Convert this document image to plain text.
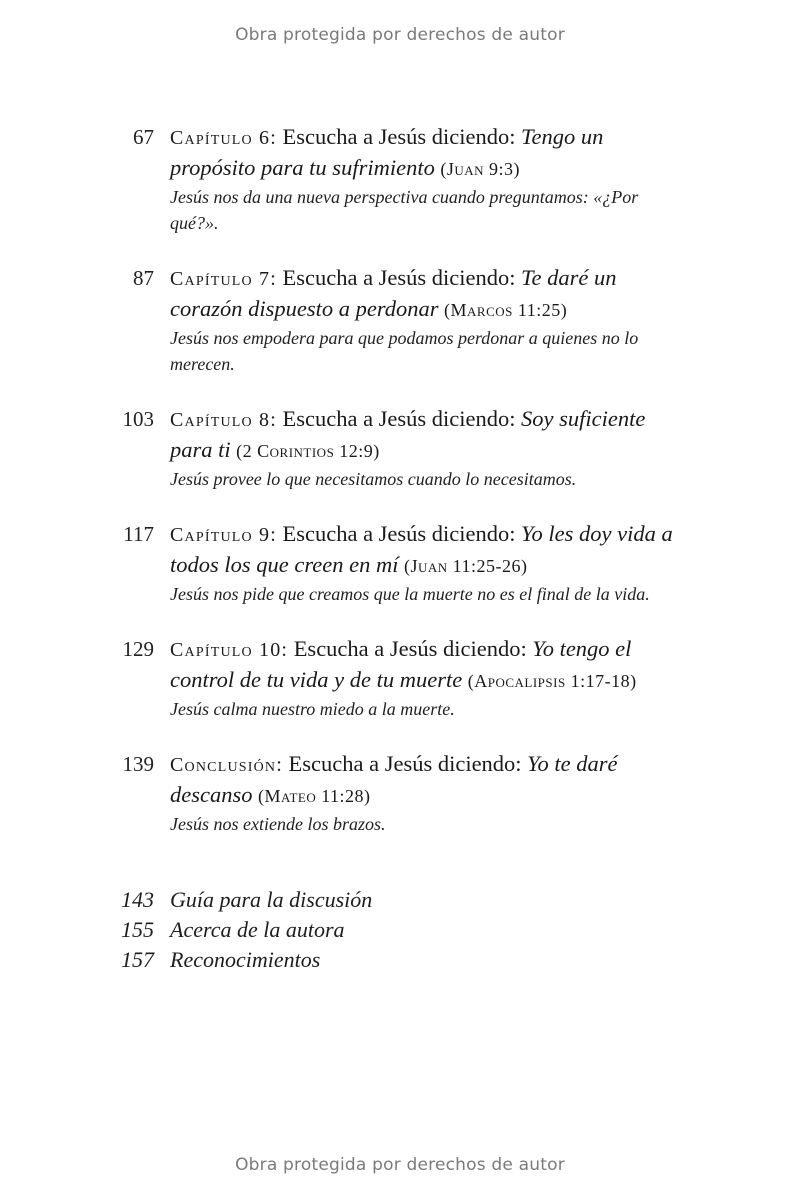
Obra protegida por derechos de autor
67 Capítulo 6: Escucha a Jesús diciendo: Tengo un propósito para tu sufrimiento (Juan 9:3)
Jesús nos da una nueva perspectiva cuando preguntamos: «¿Por qué?».
87 Capítulo 7: Escucha a Jesús diciendo: Te daré un corazón dispuesto a perdonar (Marcos 11:25)
Jesús nos empodera para que podamos perdonar a quienes no lo merecen.
103 Capítulo 8: Escucha a Jesús diciendo: Soy suficiente para ti (2 Corintios 12:9)
Jesús provee lo que necesitamos cuando lo necesitamos.
117 Capítulo 9: Escucha a Jesús diciendo: Yo les doy vida a todos los que creen en mí (Juan 11:25-26)
Jesús nos pide que creamos que la muerte no es el final de la vida.
129 Capítulo 10: Escucha a Jesús diciendo: Yo tengo el control de tu vida y de tu muerte (Apocalipsis 1:17-18)
Jesús calma nuestro miedo a la muerte.
139 Conclusión: Escucha a Jesús diciendo: Yo te daré descanso (Mateo 11:28)
Jesús nos extiende los brazos.
143 Guía para la discusión
155 Acerca de la autora
157 Reconocimientos
Obra protegida por derechos de autor
